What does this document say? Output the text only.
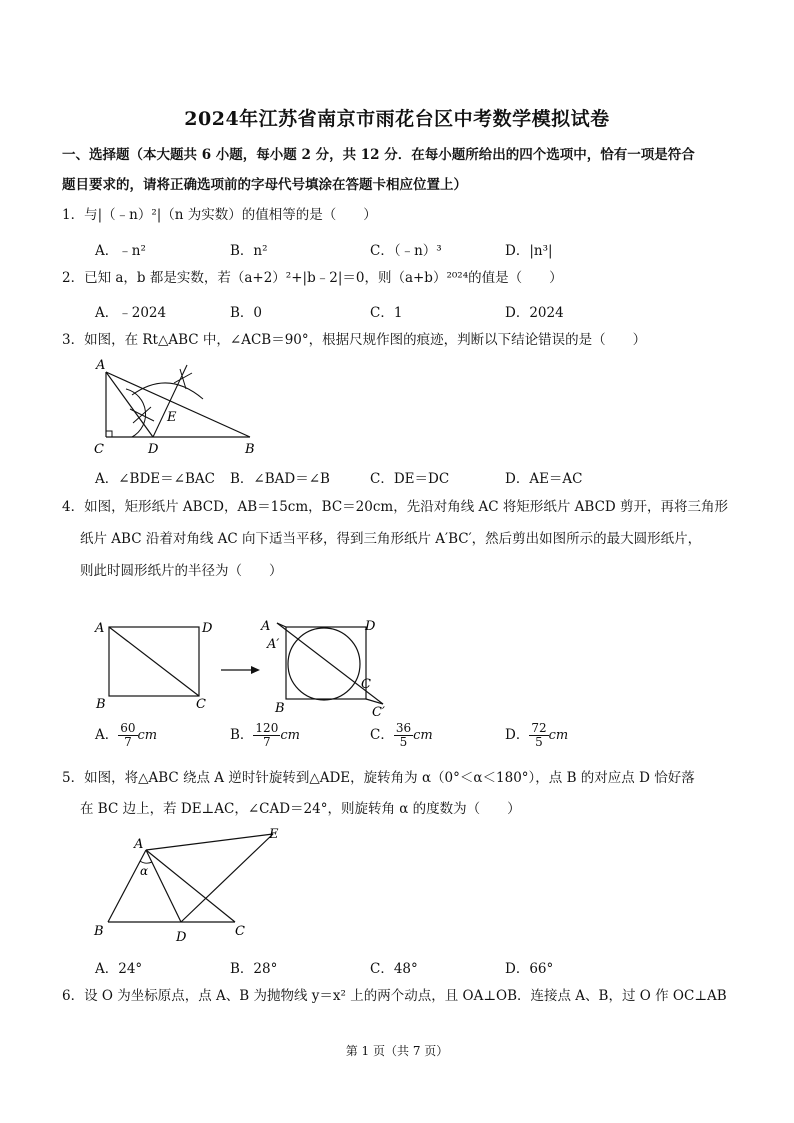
2024年江苏省南京市雨花台区中考数学模拟试卷
一、选择题（本大题共 6 小题，每小题 2 分，共 12 分．在每小题所给出的四个选项中，恰有一项是符合
题目要求的，请将正确选项前的字母代号填涂在答题卡相应位置上）
1．与|（﹣n）²|（n 为实数）的值相等的是（　　）
A．﹣n²	B．n²	C．（﹣n）³	D．|n³|
2．已知 a，b 都是实数，若（a+2）²+|b﹣2|＝0，则（a+b）²⁰²⁴的值是（　　）
A．﹣2024	B．0	C．1	D．2024
3．如图，在 Rt△ABC 中，∠ACB＝90°，根据尺规作图的痕迹，判断以下结论错误的是（　　）
A
B
C	D
E
A．∠BDE＝∠BAC B．∠BAD＝∠B	C．DE＝DC	D．AE＝AC
4．如图，矩形纸片 ABCD，AB＝15cm，BC＝20cm，先沿对角线 AC 将矩形纸片 ABCD 剪开，再将三角形
纸片 ABC 沿着对角线 AC 向下适当平移，得到三角形纸片 A′BC′，然后剪出如图所示的最大圆形纸片，
则此时圆形纸片的半径为（　　）
A	D
B	C
A
A′
D
C
B	C′
A． $\frac{60}{7}$ cm	B． $\frac{120}{7}$ cm	C． $\frac{36}{5}$ cm	D． $\frac{72}{5}$ cm
5．如图，将△ABC 绕点 A 逆时针旋转到△ADE，旋转角为 α（0°＜α＜180°），点 B 的对应点 D 恰好落
在 BC 边上，若 DE⊥AC，∠CAD＝24°，则旋转角 α 的度数为（　　）
A
E
α
B	D	C
A．24°	B．28°	C．48°	D．66°
6．设 O 为坐标原点，点 A、B 为抛物线 y＝x² 上的两个动点，且 OA⊥OB．连接点 A、B，过 O 作 OC⊥AB
第 1 页（共 7 页）
